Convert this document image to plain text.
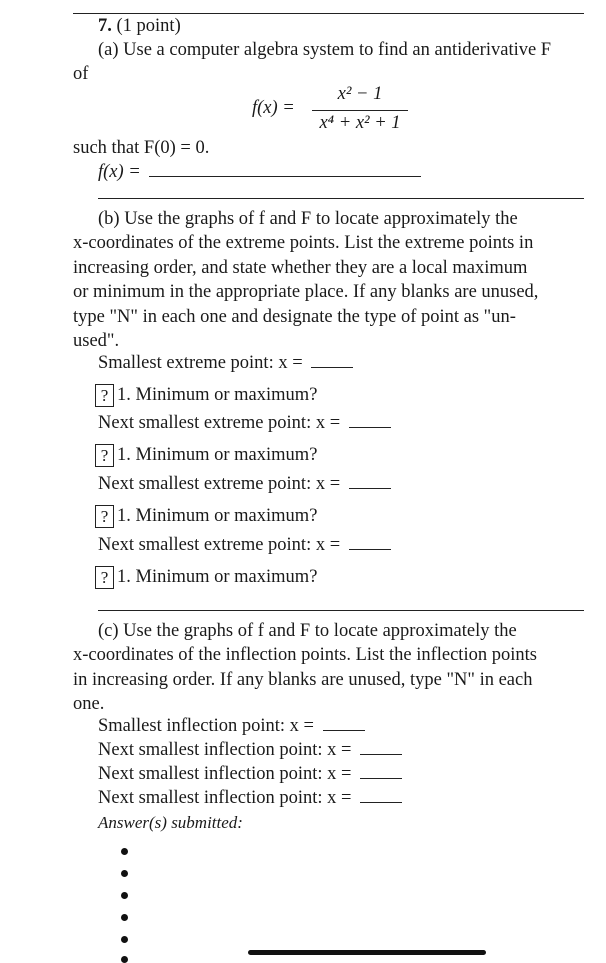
7. (1 point)
(a) Use a computer algebra system to find an antiderivative F
of
f(x) =
x² − 1
x⁴ + x² + 1
such that F(0) = 0.
f(x) =
(b) Use the graphs of f and F to locate approximately the
x-coordinates of the extreme points. List the extreme points in
increasing order, and state whether they are a local maximum
or minimum in the appropriate place. If any blanks are unused,
type "N" in each one and designate the type of point as "un-
used".
Smallest extreme point: x =
? 1. Minimum or maximum?
Next smallest extreme point: x =
? 1. Minimum or maximum?
Next smallest extreme point: x =
? 1. Minimum or maximum?
Next smallest extreme point: x =
? 1. Minimum or maximum?
(c) Use the graphs of f and F to locate approximately the
x-coordinates of the inflection points. List the inflection points
in increasing order. If any blanks are unused, type "N" in each
one.
Smallest inflection point: x =
Next smallest inflection point: x =
Next smallest inflection point: x =
Next smallest inflection point: x =
Answer(s) submitted:
